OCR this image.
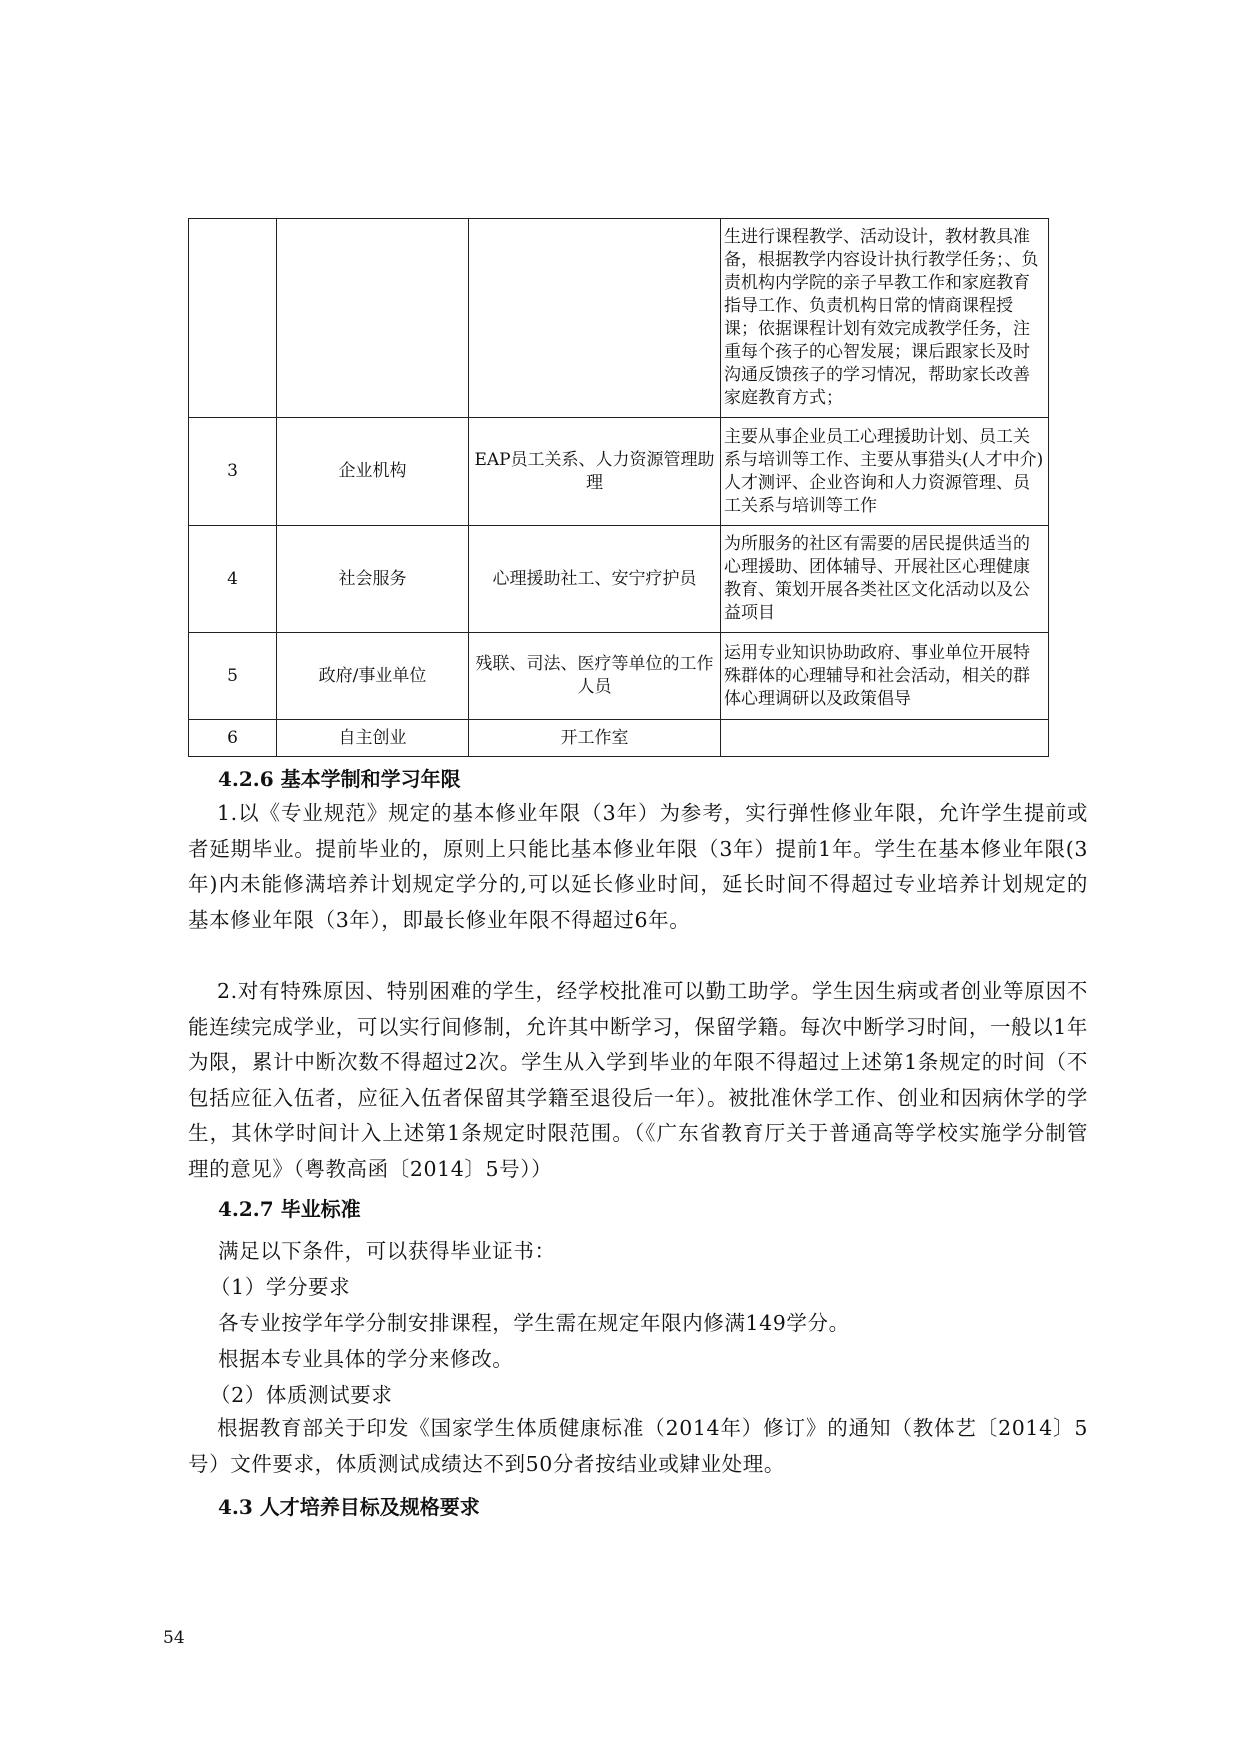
			生进行课程教学、活动设计，教材教具准备，根据教学内容设计执行教学任务；、负责机构内学院的亲子早教工作和家庭教育指导工作、负责机构日常的情商课程授课；依据课程计划有效完成教学任务，注重每个孩子的心智发展；课后跟家长及时沟通反馈孩子的学习情况，帮助家长改善家庭教育方式；
3	企业机构	EAP员工关系、人力资源管理助理	主要从事企业员工心理援助计划、员工关系与培训等工作、主要从事猎头(人才中介)人才测评、企业咨询和人力资源管理、员工关系与培训等工作
4	社会服务	心理援助社工、安宁疗护员	为所服务的社区有需要的居民提供适当的心理援助、团体辅导、开展社区心理健康教育、策划开展各类社区文化活动以及公益项目
5	政府/事业单位	残联、司法、医疗等单位的工作人员	运用专业知识协助政府、事业单位开展特殊群体的心理辅导和社会活动，相关的群体心理调研以及政策倡导
6	自主创业	开工作室	
4.2.6 基本学制和学习年限

1.以《专业规范》规定的基本修业年限（3年）为参考，实行弹性修业年限，允许学生提前或者延期毕业。提前毕业的，原则上只能比基本修业年限（3年）提前1年。学生在基本修业年限(3年)内未能修满培养计划规定学分的,可以延长修业时间，延长时间不得超过专业培养计划规定的基本修业年限（3年），即最长修业年限不得超过6年。

2.对有特殊原因、特别困难的学生，经学校批准可以勤工助学。学生因生病或者创业等原因不能连续完成学业，可以实行间修制，允许其中断学习，保留学籍。每次中断学习时间，一般以1年为限，累计中断次数不得超过2次。学生从入学到毕业的年限不得超过上述第1条规定的时间（不包括应征入伍者，应征入伍者保留其学籍至退役后一年）。被批准休学工作、创业和因病休学的学生，其休学时间计入上述第1条规定时限范围。（《广东省教育厅关于普通高等学校实施学分制管理的意见》（粤教高函〔2014〕5号））

4.2.7 毕业标准
满足以下条件，可以获得毕业证书：
（1）学分要求
各专业按学年学分制安排课程，学生需在规定年限内修满149学分。
根据本专业具体的学分来修改。
（2）体质测试要求

根据教育部关于印发《国家学生体质健康标准（2014年）修订》的通知（教体艺〔2014〕5号）文件要求，体质测试成绩达不到50分者按结业或肄业处理。

4.3 人才培养目标及规格要求
54
